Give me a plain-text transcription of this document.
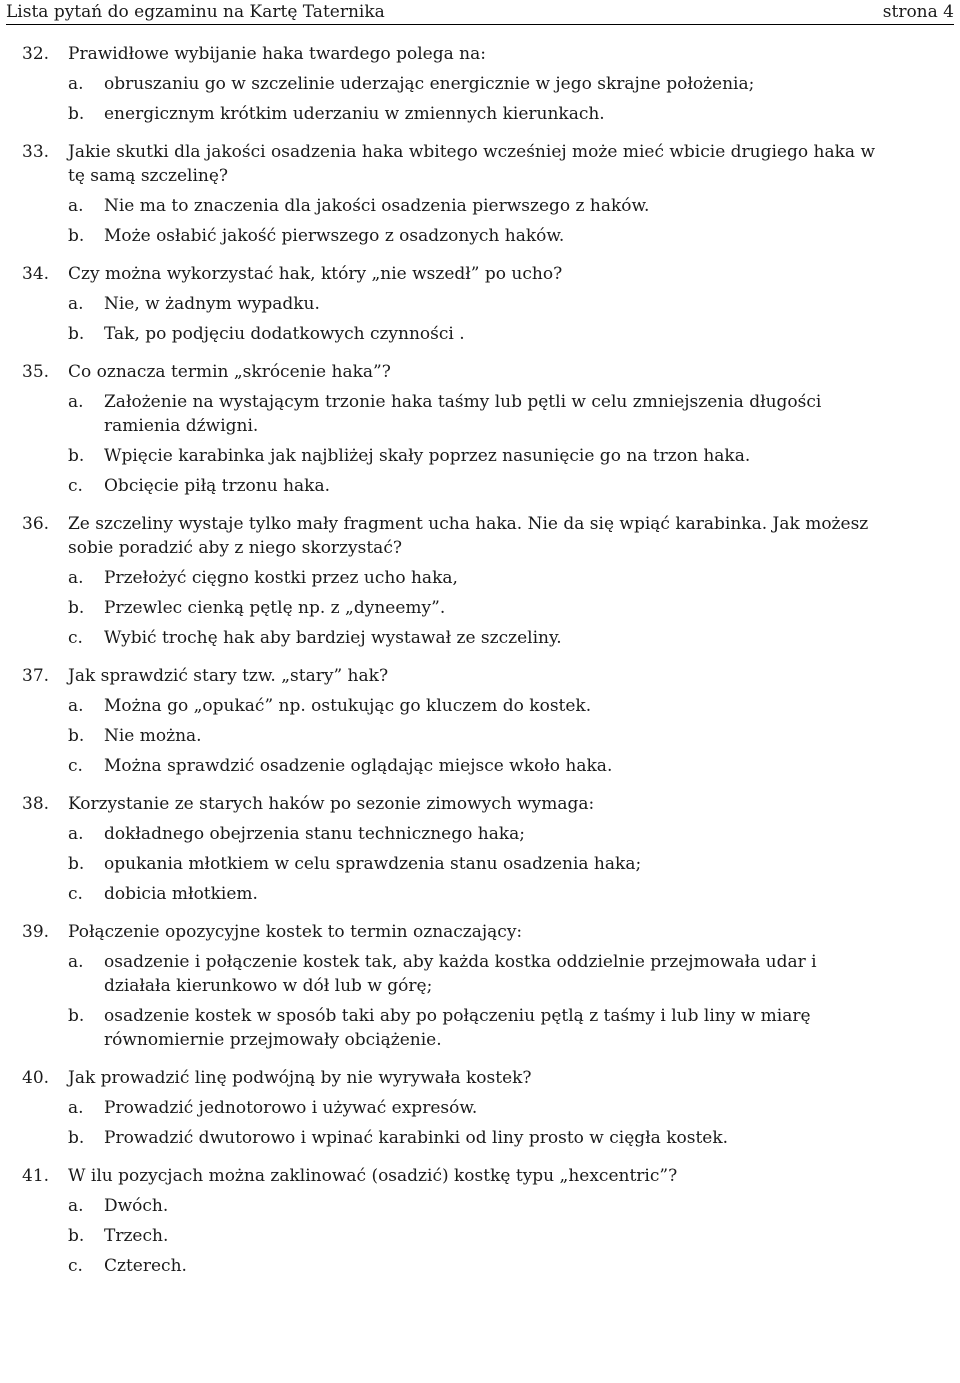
Lista pytań do egzaminu na Kartę Taternika	strona 4
32.	Prawidłowe wybijanie haka twardego polega na:
a.	obruszaniu go w szczelinie uderzając energicznie w jego skrajne położenia;
b.	energicznym krótkim uderzaniu w zmiennych kierunkach.
33.	Jakie skutki dla jakości osadzenia haka wbitego wcześniej może mieć wbicie drugiego haka w tę samą szczelinę?
a.	Nie ma to znaczenia dla jakości osadzenia pierwszego z haków.
b.	Może osłabić jakość pierwszego z osadzonych haków.
34.	Czy można wykorzystać hak, który „nie wszedł” po ucho?
a.	Nie, w żadnym wypadku.
b.	Tak, po podjęciu dodatkowych czynności .
35.	Co oznacza termin „skrócenie haka”?
a.	Założenie na wystającym trzonie haka taśmy lub pętli w celu zmniejszenia długości ramienia dźwigni.
b.	Wpięcie karabinka jak najbliżej skały poprzez nasunięcie go na trzon haka.
c.	Obcięcie piłą trzonu haka.
36.	Ze szczeliny wystaje tylko mały fragment ucha haka. Nie da się wpiąć karabinka. Jak możesz sobie poradzić aby z niego skorzystać?
a.	Przełożyć cięgno kostki przez ucho haka,
b.	Przewlec cienką pętlę np. z „dyneemy”.
c.	Wybić trochę hak aby bardziej wystawał ze szczeliny.
37.	Jak sprawdzić stary tzw. „stary” hak?
a.	Można go „opukać” np. ostukując go kluczem do kostek.
b.	Nie można.
c.	Można sprawdzić osadzenie oglądając miejsce wkoło haka.
38.	Korzystanie ze starych haków po sezonie zimowych wymaga:
a.	dokładnego obejrzenia stanu technicznego haka;
b.	opukania młotkiem w celu sprawdzenia stanu osadzenia haka;
c.	dobicia młotkiem.
39.	Połączenie opozycyjne kostek to termin oznaczający:
a.	osadzenie i połączenie kostek tak, aby każda kostka oddzielnie przejmowała udar i działała kierunkowo w dół lub w górę;
b.	osadzenie kostek w sposób taki aby po połączeniu pętlą z taśmy i lub liny w miarę równomiernie przejmowały obciążenie.
40.	Jak prowadzić linę podwójną by nie wyrywała kostek?
a.	Prowadzić jednotorowo i używać expresów.
b.	Prowadzić dwutorowo i wpinać karabinki od liny prosto w cięgła kostek.
41.	W ilu pozycjach można zaklinować (osadzić) kostkę typu „hexcentric”?
a.	Dwóch.
b.	Trzech.
c.	Czterech.
